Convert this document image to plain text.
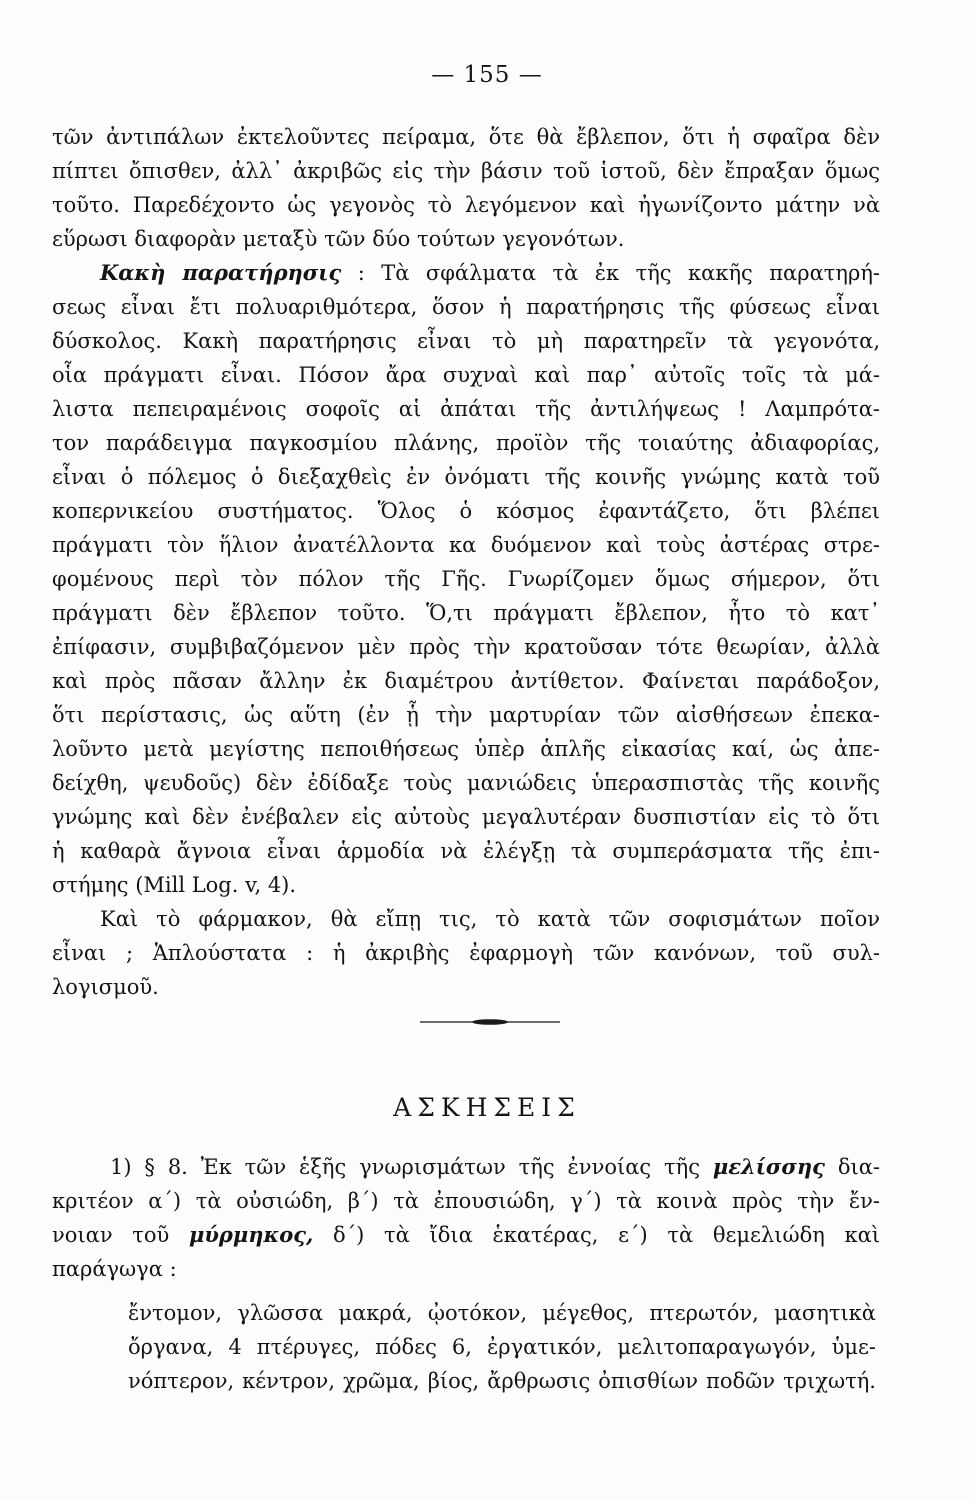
— 155 —
τῶν ἀντιπάλων ἐκτελοῦντες πείραμα, ὅτε θὰ ἔβλεπον, ὅτι ἡ σφαῖρα δὲν
πίπτει ὄπισθεν, ἀλλ᾽ ἀκριβῶς εἰς τὴν βάσιν τοῦ ἱστοῦ, δὲν ἔπραξαν ὅμως
τοῦτο. Παρεδέχοντο ὡς γεγονὸς τὸ λεγόμενον καὶ ἠγωνίζοντο μάτην νὰ
εὕρωσι διαφορὰν μεταξὺ τῶν δύο τούτων γεγονότων.
Κακὴ παρατήρησις : Τὰ σφάλματα τὰ ἐκ τῆς κακῆς παρατηρή-
σεως εἶναι ἔτι πολυαριθμότερα, ὅσον ἡ παρατήρησις τῆς φύσεως εἶναι
δύσκολος. Κακὴ παρατήρησις εἶναι τὸ μὴ παρατηρεῖν τὰ γεγονότα,
οἷα πράγματι εἶναι. Πόσον ἄρα συχναὶ καὶ παρ᾽ αὐτοῖς τοῖς τὰ μά-
λιστα πεπειραμένοις σοφοῖς αἱ ἀπάται τῆς ἀντιλήψεως ! Λαμπρότα-
τον παράδειγμα παγκοσμίου πλάνης, προϊὸν τῆς τοιαύτης ἀδιαφορίας,
εἶναι ὁ πόλεμος ὁ διεξαχθεὶς ἐν ὀνόματι τῆς κοινῆς γνώμης κατὰ τοῦ
κοπερνικείου συστήματος. Ὅλος ὁ κόσμος ἐφαντάζετο, ὅτι βλέπει
πράγματι τὸν ἥλιον ἀνατέλλοντα κα δυόμενον καὶ τοὺς ἀστέρας στρε-
φομένους περὶ τὸν πόλον τῆς Γῆς. Γνωρίζομεν ὅμως σήμερον, ὅτι
πράγματι δὲν ἔβλεπον τοῦτο. Ὅ,τι πράγματι ἔβλεπον, ἦτο τὸ κατ᾽
ἐπίφασιν, συμβιβαζόμενον μὲν πρὸς τὴν κρατοῦσαν τότε θεωρίαν, ἀλλὰ
καὶ πρὸς πᾶσαν ἄλλην ἐκ διαμέτρου ἀντίθετον. Φαίνεται παράδοξον,
ὅτι περίστασις, ὡς αὕτη (ἐν ᾗ τὴν μαρτυρίαν τῶν αἰσθήσεων ἐπεκα-
λοῦντο μετὰ μεγίστης πεποιθήσεως ὑπὲρ ἁπλῆς εἰκασίας καί, ὡς ἀπε-
δείχθη, ψευδοῦς) δὲν ἐδίδαξε τοὺς μανιώδεις ὑπερασπιστὰς τῆς κοινῆς
γνώμης καὶ δὲν ἐνέβαλεν εἰς αὐτοὺς μεγαλυτέραν δυσπιστίαν εἰς τὸ ὅτι
ἡ καθαρὰ ἄγνοια εἶναι ἁρμοδία νὰ ἐλέγξῃ τὰ συμπεράσματα τῆς ἐπι-
στήμης (Mill Log. v, 4).
Καὶ τὸ φάρμακον, θὰ εἴπῃ τις, τὸ κατὰ τῶν σοφισμάτων ποῖον
εἶναι ; Ἁπλούστατα : ἡ ἀκριβὴς ἐφαρμογὴ τῶν κανόνων, τοῦ συλ-
λογισμοῦ.
ΑΣΚΗΣΕΙΣ
1) § 8. Ἐκ τῶν ἑξῆς γνωρισμάτων τῆς ἐννοίας τῆς μελίσσης δια-
κριτέον α΄) τὰ οὐσιώδη, β΄) τὰ ἐπουσιώδη, γ΄) τὰ κοινὰ πρὸς τὴν ἔν-
νοιαν τοῦ μύρμηκος, δ΄) τὰ ἴδια ἑκατέρας, ε΄) τὰ θεμελιώδη καὶ
παράγωγα :
ἔντομον, γλῶσσα μακρά, ᾠοτόκον, μέγεθος, πτερωτόν, μασητικὰ
ὄργανα, 4 πτέρυγες, πόδες 6, ἐργατικόν, μελιτοπαραγωγόν, ὑμε-
νόπτερον, κέντρον, χρῶμα, βίος, ἄρθρωσις ὀπισθίων ποδῶν τριχωτή.
